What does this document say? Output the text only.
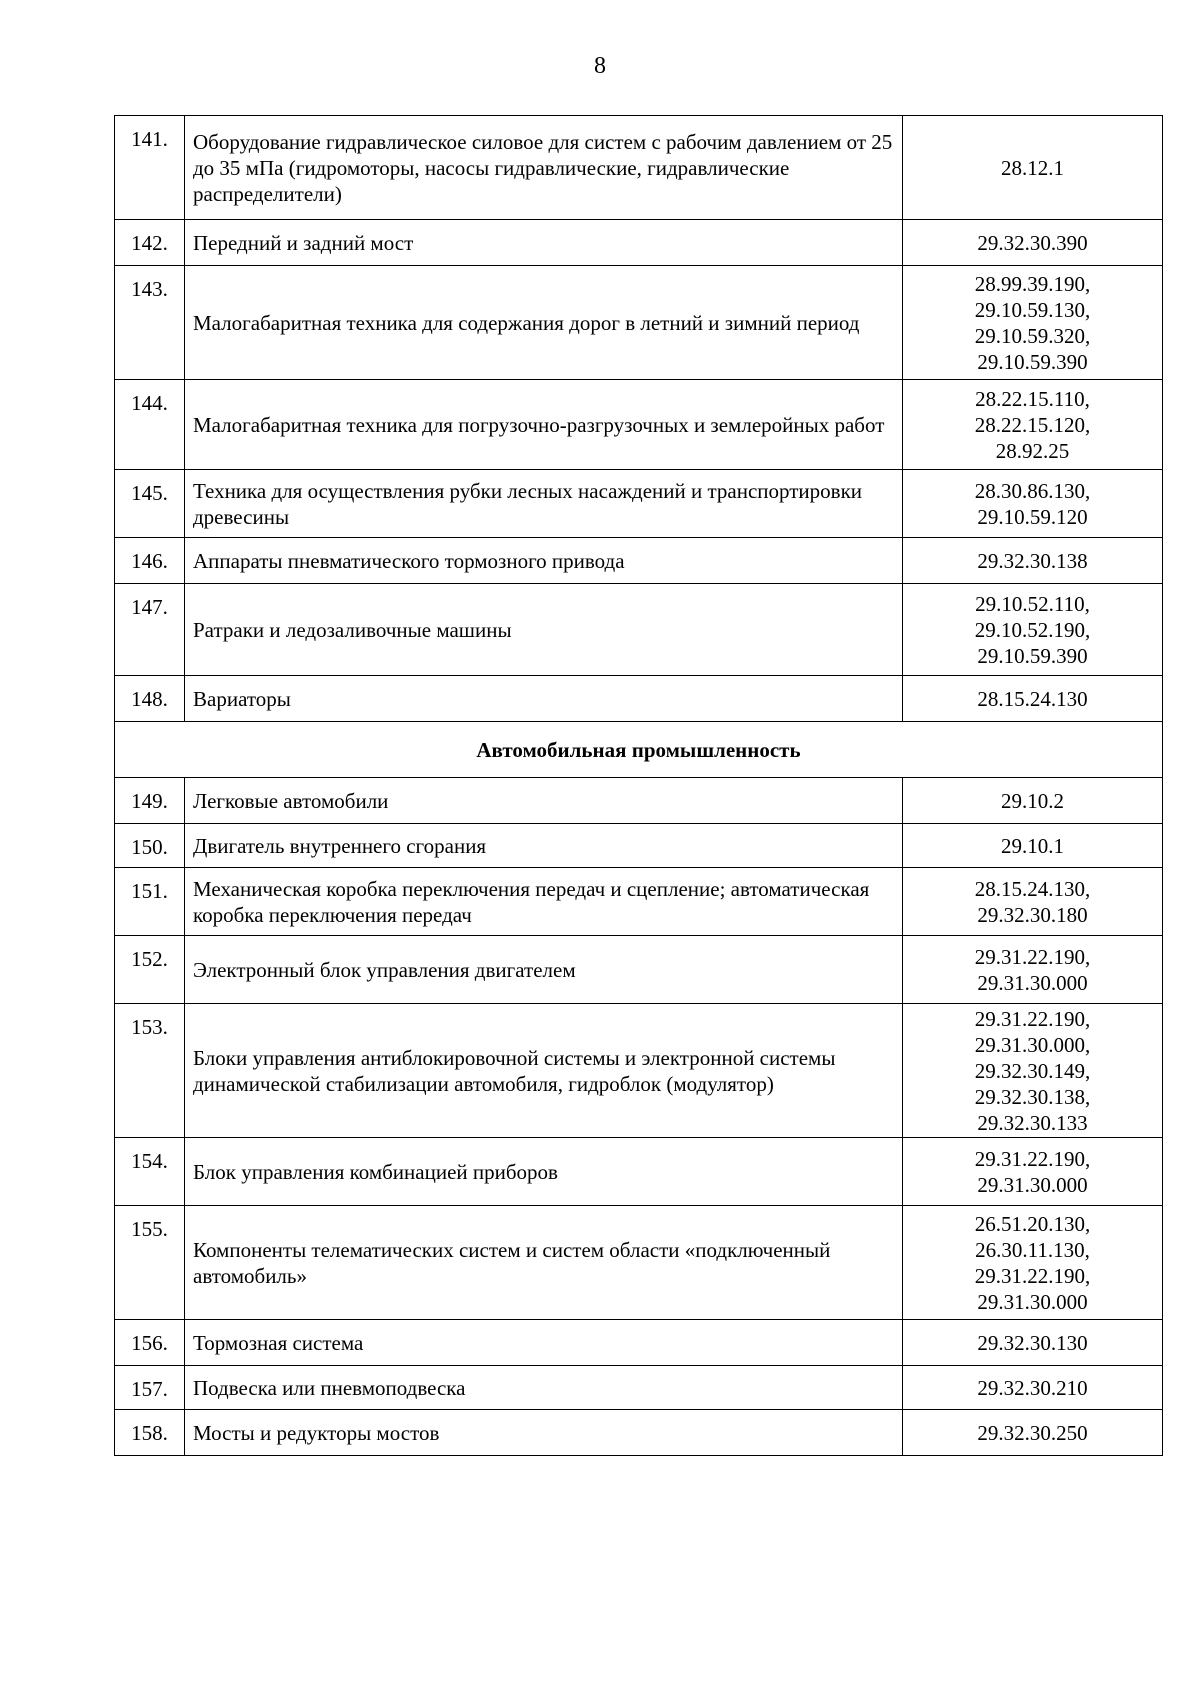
8
141.	Оборудование гидравлическое силовое для систем с рабочим давлением от 25 до 35 мПа (гидромоторы, насосы гидравлические, гидравлические распределители)	28.12.1

142.	Передний и задний мост	29.32.30.390

143.	Малогабаритная техника для содержания дорог в летний и зимний период	28.99.39.190,
29.10.59.130,
29.10.59.320,
29.10.59.390

144.	Малогабаритная техника для погрузочно-разгрузочных и землеройных работ	28.22.15.110,
28.22.15.120,
28.92.25

145.	Техника для осуществления рубки лесных насаждений и транспортировки древесины	28.30.86.130,
29.10.59.120

146.	Аппараты пневматического тормозного привода	29.32.30.138

147.	Ратраки и ледозаливочные машины	29.10.52.110,
29.10.52.190,
29.10.59.390

148.	Вариаторы	28.15.24.130

Автомобильная промышленность		
149.	Легковые автомобили	29.10.2

150.	Двигатель внутреннего сгорания	29.10.1

151.	Механическая коробка переключения передач и сцепление; автоматическая коробка переключения передач	28.15.24.130,
29.32.30.180

152.	Электронный блок управления двигателем	29.31.22.190,
29.31.30.000

153.	Блоки управления антиблокировочной системы и электронной системы динамической стабилизации автомобиля, гидроблок (модулятор)	29.31.22.190,
29.31.30.000,
29.32.30.149,
29.32.30.138,
29.32.30.133

154.	Блок управления комбинацией приборов	29.31.22.190,
29.31.30.000

155.	Компоненты телематических систем и систем области «подключенный автомобиль»	26.51.20.130,
26.30.11.130,
29.31.22.190,
29.31.30.000

156.	Тормозная система	29.32.30.130

157.	Подвеска или пневмоподвеска	29.32.30.210

158.	Мосты и редукторы мостов	29.32.30.250
